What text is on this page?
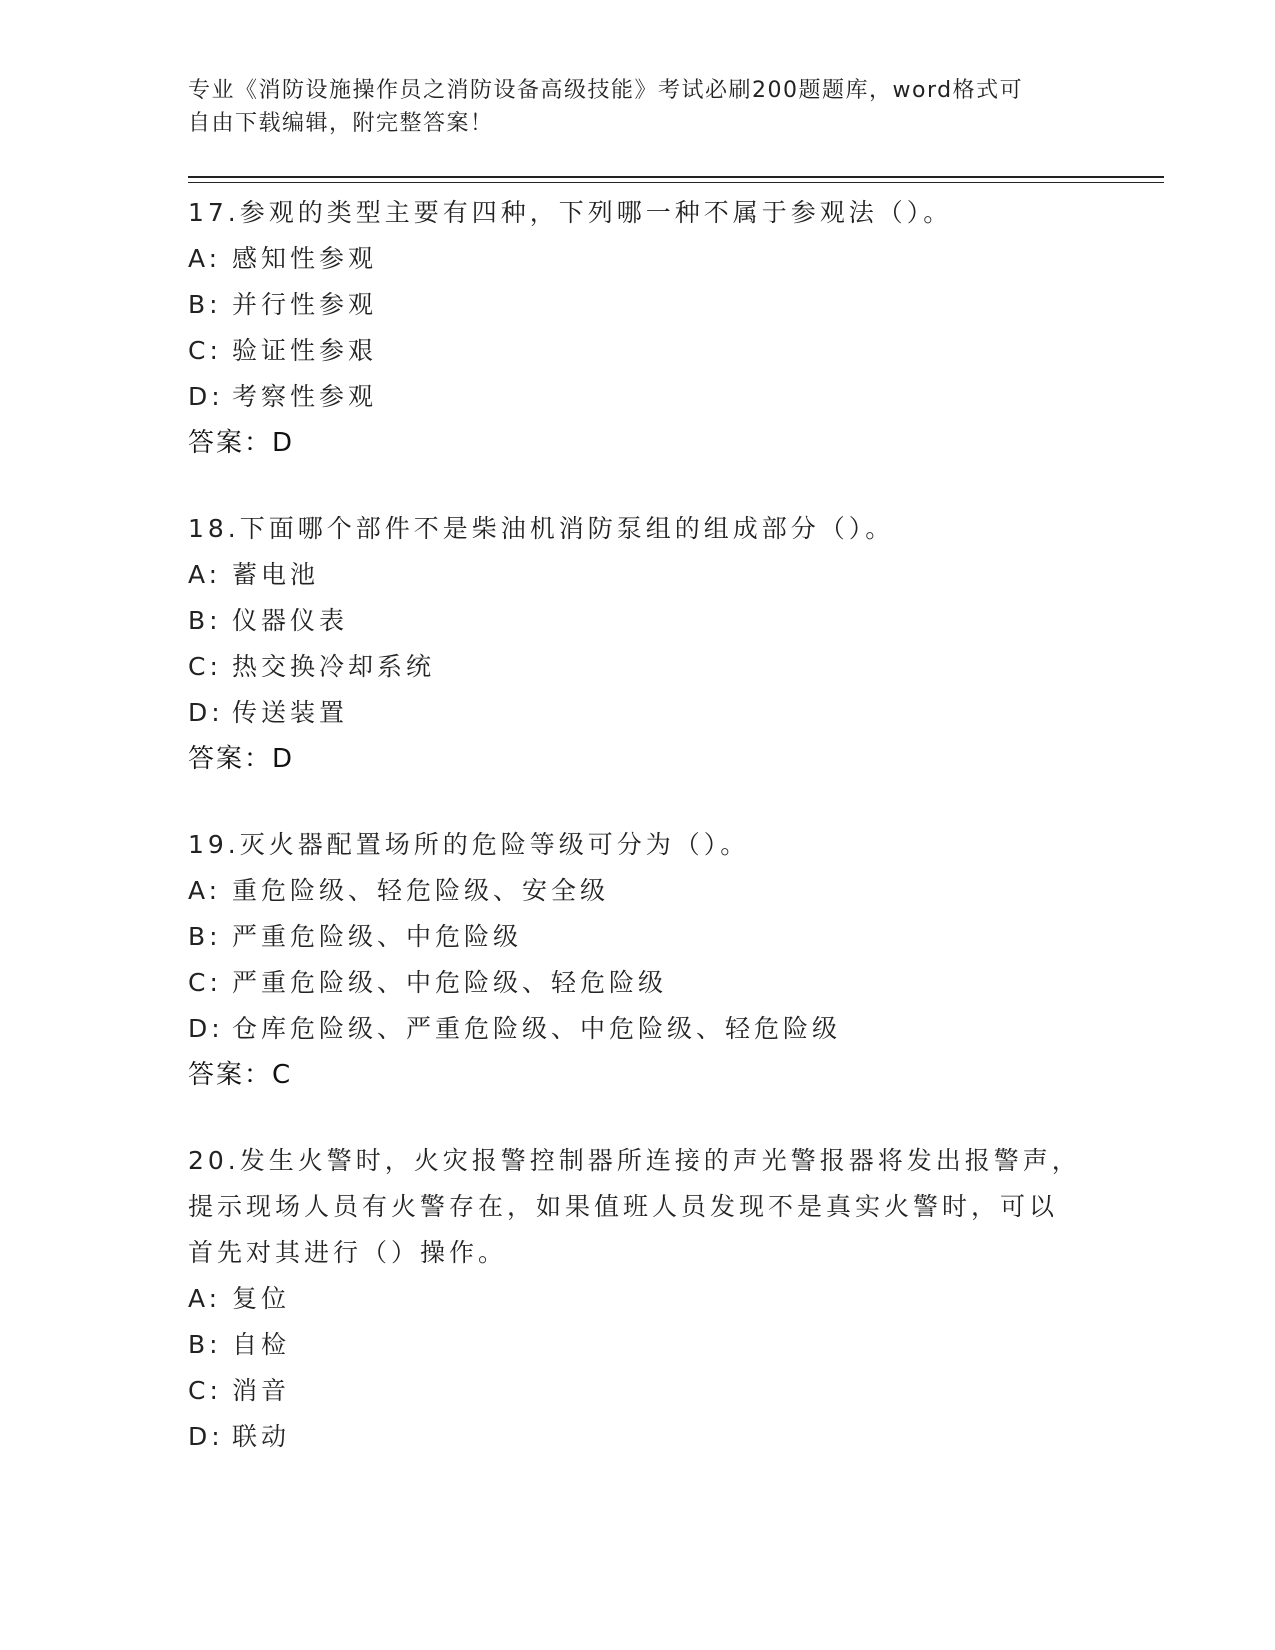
专业《消防设施操作员之消防设备高级技能》考试必刷200题题库，word格式可
自由下载编辑，附完整答案！
17.参观的类型主要有四种，下列哪一种不属于参观法（）。
A: 感知性参观
B: 并行性参观
C: 验证性参艰
D: 考察性参观
答案：D
18.下面哪个部件不是柴油机消防泵组的组成部分（）。
A: 蓄电池
B: 仪器仪表
C: 热交换冷却系统
D: 传送装置
答案：D
19.灭火器配置场所的危险等级可分为（）。
A: 重危险级、轻危险级、安全级
B: 严重危险级、中危险级
C: 严重危险级、中危险级、轻危险级
D: 仓库危险级、严重危险级、中危险级、轻危险级
答案：C
20.发生火警时，火灾报警控制器所连接的声光警报器将发出报警声，
提示现场人员有火警存在，如果值班人员发现不是真实火警时，可以
首先对其进行（）操作。
A: 复位
B: 自检
C: 消音
D: 联动
